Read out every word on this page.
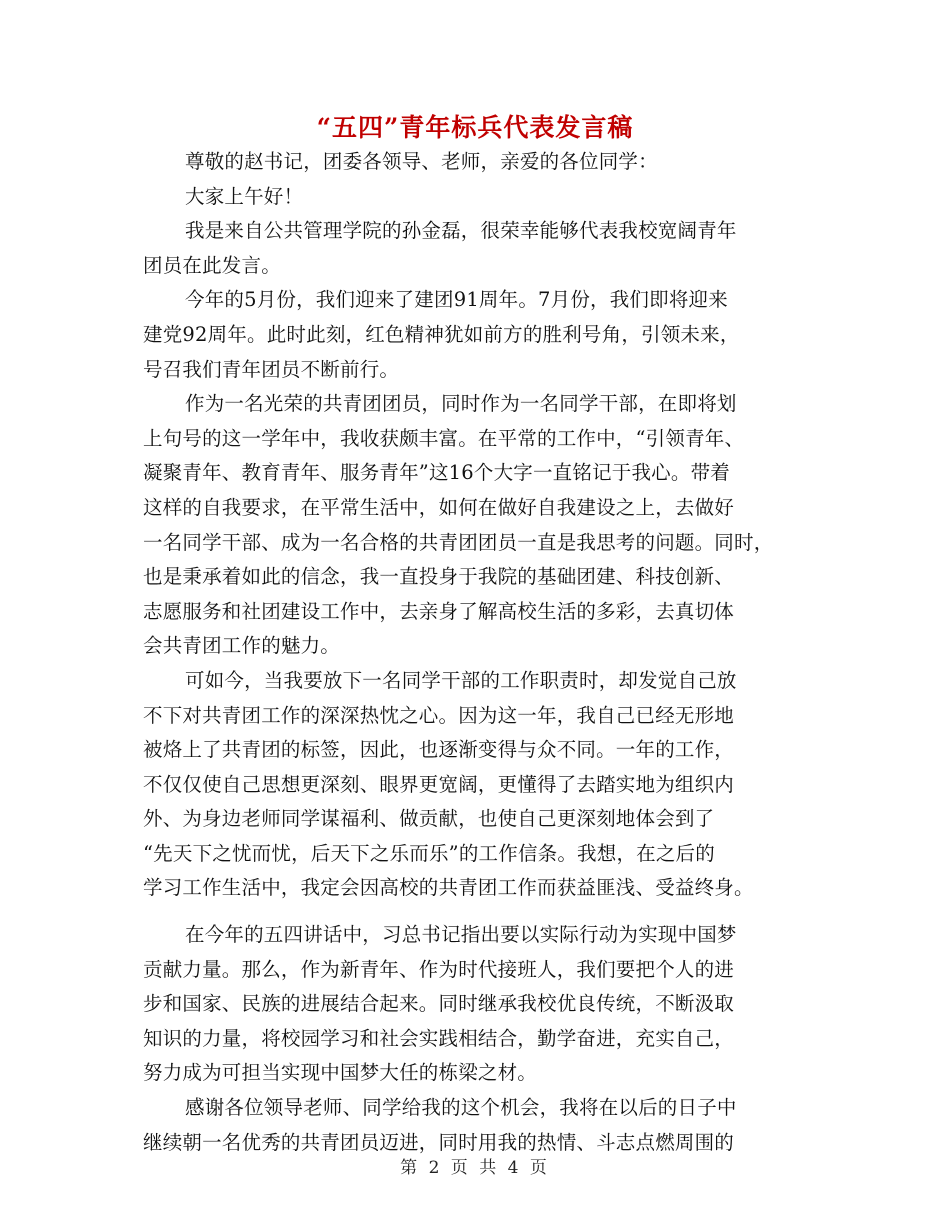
“五四”青年标兵代表发言稿
尊敬的赵书记，团委各领导、老师，亲爱的各位同学：
大家上午好！
我是来自公共管理学院的孙金磊，很荣幸能够代表我校宽阔青年
团员在此发言。
今年的5月份，我们迎来了建团91周年。7月份，我们即将迎来
建党92周年。此时此刻，红色精神犹如前方的胜利号角，引领未来，
号召我们青年团员不断前行。
作为一名光荣的共青团团员，同时作为一名同学干部，在即将划
上句号的这一学年中，我收获颇丰富。在平常的工作中，“引领青年、
凝聚青年、教育青年、服务青年”这16个大字一直铭记于我心。带着
这样的自我要求，在平常生活中，如何在做好自我建设之上，去做好
一名同学干部、成为一名合格的共青团团员一直是我思考的问题。同时，
也是秉承着如此的信念，我一直投身于我院的基础团建、科技创新、
志愿服务和社团建设工作中，去亲身了解高校生活的多彩，去真切体
会共青团工作的魅力。
可如今，当我要放下一名同学干部的工作职责时，却发觉自己放
不下对共青团工作的深深热忱之心。因为这一年，我自己已经无形地
被烙上了共青团的标签，因此，也逐渐变得与众不同。一年的工作，
不仅仅使自己思想更深刻、眼界更宽阔，更懂得了去踏实地为组织内
外、为身边老师同学谋福利、做贡献，也使自己更深刻地体会到了
“先天下之忧而忧，后天下之乐而乐”的工作信条。我想，在之后的
学习工作生活中，我定会因高校的共青团工作而获益匪浅、受益终身。
在今年的五四讲话中，习总书记指出要以实际行动为实现中国梦
贡献力量。那么，作为新青年、作为时代接班人，我们要把个人的进
步和国家、民族的进展结合起来。同时继承我校优良传统，不断汲取
知识的力量，将校园学习和社会实践相结合，勤学奋进，充实自己，
努力成为可担当实现中国梦大任的栋梁之材。
感谢各位领导老师、同学给我的这个机会，我将在以后的日子中
继续朝一名优秀的共青团员迈进，同时用我的热情、斗志点燃周围的
第 2 页 共 4 页
